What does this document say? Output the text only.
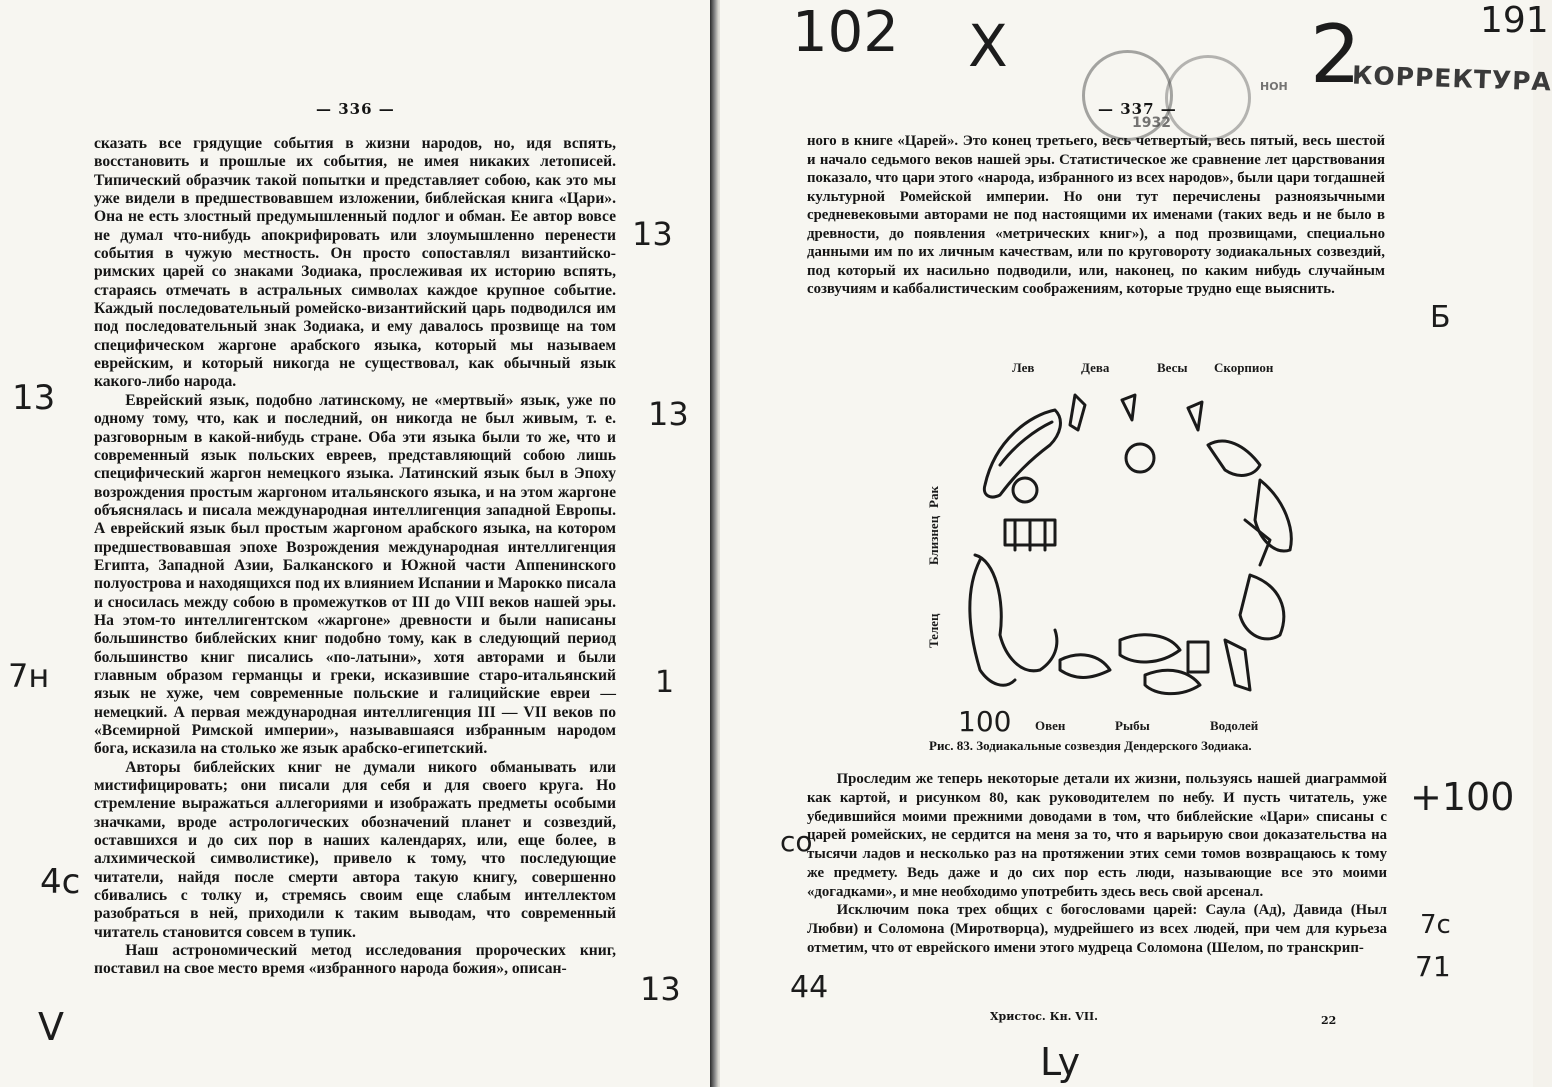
— 336 —

сказать все грядущие события в жизни народов, но, идя вспять, восстановить и прошлые их события, не имея никаких летописей. Типический образчик такой попытки и представляет собою, как это мы уже видели в предшествовавшем изложении, библейская книга «Цари». Она не есть злостный предумышленный подлог и обман. Ее автор вовсе не думал что-нибудь апокрифировать или злоумышленно перенести события в чужую местность. Он просто сопоставлял византийско-римских царей со знаками Зодиака, прослеживая их историю вспять, стараясь отмечать в астральных символах каждое крупное событие. Каждый последовательный ромейско-византийский царь подводился им под последовательный знак Зодиака, и ему давалось прозвище на том специфическом жаргоне арабского языка, который мы называем еврейским, и который никогда не существовал, как обычный язык какого-либо народа.

Еврейский язык, подобно латинскому, не «мертвый» язык, уже по одному тому, что, как и последний, он никогда не был живым, т. е. разговорным в какой-нибудь стране. Оба эти языка были то же, что и современный язык польских евреев, представляющий собою лишь специфический жаргон немецкого языка. Латинский язык был в Эпоху возрождения простым жаргоном итальянского языка, и на этом жаргоне объяснялась и писала международная интеллигенция западной Европы. А еврейский язык был простым жаргоном арабского языка, на котором предшествовавшая эпохе Возрождения международная интеллигенция Египта, Западной Азии, Балканского и Южной части Аппенинского полуострова и находящихся под их влиянием Испании и Марокко писала и сносилась между собою в промежутков от III до VIII веков нашей эры. На этом-то интеллигентском «жаргоне» древности и были написаны большинство библейских книг подобно тому, как в следующий период большинство книг писались «по-латыни», хотя авторами и были главным образом германцы и греки, исказившие старо-итальянский язык не хуже, чем современные польские и галицийские евреи — немецкий. А первая международная интеллигенция III — VII веков по «Всемирной Римской империи», называвшаяся избранным народом бога, исказила на столько же язык арабско-египетский.

Авторы библейских книг не думали никого обманывать или мистифицировать; они писали для себя и для своего круга. Но стремление выражаться аллегориями и изображать предметы особыми значками, вроде астрологических обозначений планет и созвездий, оставшихся и до сих пор в наших календарях, или, еще более, в алхимической символистике), привело к тому, что последующие читатели, найдя после смерти автора такую книгу, совершенно сбивались с толку и, стремясь своим еще слабым интеллектом разобраться в ней, приходили к таким выводам, что современный читатель становится совсем в тупик.

Наш астрономический метод исследования пророческих книг, поставил на свое место время «избранного народа божия», описан-

13
13	13
7н	1
4с
13
V
1932
НОН	КОРРЕКТУРА
102 X	2	191
— 337 —

ного в книге «Царей». Это конец третьего, весь четвертый, весь пятый, весь шестой и начало седьмого веков нашей эры. Статистическое же сравнение лет царствования показало, что цари этого «народа, избранного из всех народов», были цари тогдашней культурной Ромейской империи. Но они тут перечислены разноязычными средневековыми авторами не под настоящими их именами (таких ведь и не было в древности, до появления «метрических книг»), а под прозвищами, специально данными им по их личным качествам, или по круговороту зодиакальных созвездий, под который их насильно подводили, или, наконец, по каким нибудь случайным созвучиям и каббалистическим соображениям, которые трудно еще выяснить.

Лев	Дева	Весы Скорпион
Близнец
Рак
Телец
Овен	Рыбы	Водолей
100
Рис. 83. Зодиакальные созвездия Дендерского Зодиака.

Проследим же теперь некоторые детали их жизни, пользуясь нашей диаграммой как картой, и рисунком 80, как руководителем по небу. И пусть читатель, уже убедившийся моими прежними доводами в том, что библейские «Цари» списаны с царей ромейских, не сердится на меня за то, что я варьирую свои доказательства на тысячи ладов и несколько раз на протяжении этих семи томов возвращаюсь к тому же предмету. Ведь даже и до сих пор есть люди, называющие все это моими «догадками», и мне необходимо употребить здесь весь свой арсенал.

Исключим пока трех общих с богословами царей: Саула (Ад), Давида (Ныл Любви) и Соломона (Миротворца), мудрейшего из всех людей, при чем для курьеза отметим, что от еврейского имени этого мудреца Соломона (Шелом, по транскрип-

Христос. Кн. VII.	22
Б
co
+100
7с
71
44
Ly
